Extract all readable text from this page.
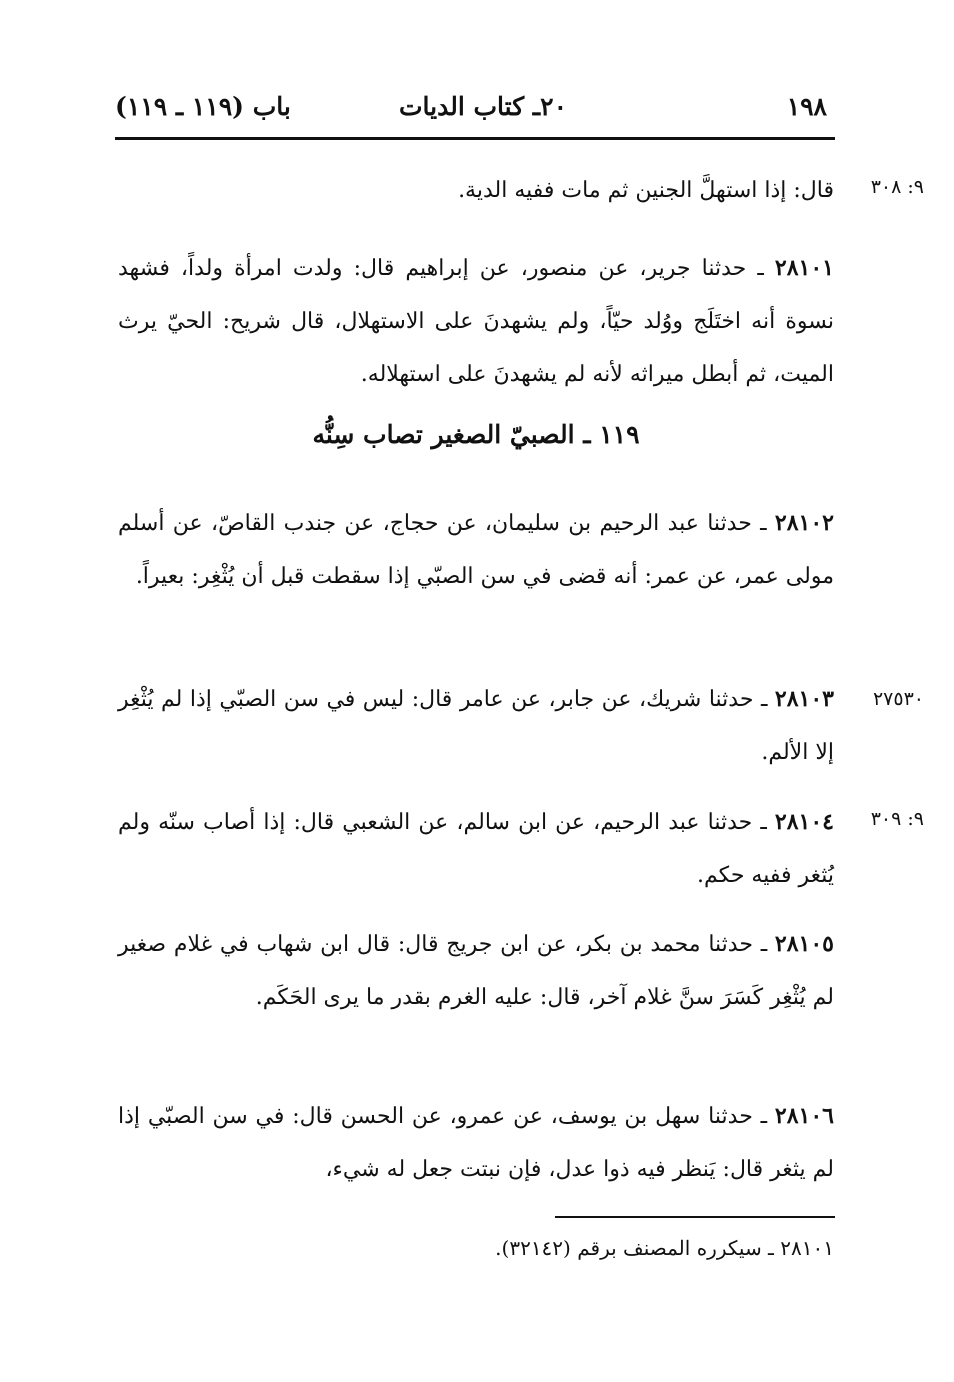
١٩٨
٢٠ـ كتاب الديات
باب (١١٩ ـ ١١٩)
٩: ٣٠٨

قال: إذا استهلَّ الجنين ثم مات ففيه الدية.

٢٨١٠١ ـ حدثنا جرير، عن منصور، عن إبراهيم قال: ولدت امرأة ولداً، فشهد نسوة أنه اختَلَج ووُلد حيّاً، ولم يشهدنَ على الاستهلال، قال شريح: الحيّ يرث الميت، ثم أبطل ميراثه لأنه لم يشهدنَ على استهلاله.

١١٩ ـ الصبيّ الصغير تصاب سِنُّه

٢٨١٠٢ ـ حدثنا عبد الرحيم بن سليمان، عن حجاج، عن جندب القاصّ، عن أسلم مولى عمر، عن عمر: أنه قضى في سن الصبّي إذا سقطت قبل أن يُثْغِر: بعيراً.

٢٧٥٣٠

٢٨١٠٣ ـ حدثنا شريك، عن جابر، عن عامر قال: ليس في سن الصبّي إذا لم يُثْغِر إلا الألم.

٩: ٣٠٩

٢٨١٠٤ ـ حدثنا عبد الرحيم، عن ابن سالم، عن الشعبي قال: إذا أصاب سنّه ولم يُثغر ففيه حكم.

٢٨١٠٥ ـ حدثنا محمد بن بكر، عن ابن جريج قال: قال ابن شهاب في غلام صغير لم يُثْغِر كَسَرَ سنَّ غلام آخر، قال: عليه الغرم بقدر ما يرى الحَكَم.

٢٨١٠٦ ـ حدثنا سهل بن يوسف، عن عمرو، عن الحسن قال: في سن الصبّي إذا لم يثغر قال: يَنظر فيه ذوا عدل، فإن نبتت جعل له شيء،

٢٨١٠١ ـ سيكرره المصنف برقم (٣٢١٤٢).
